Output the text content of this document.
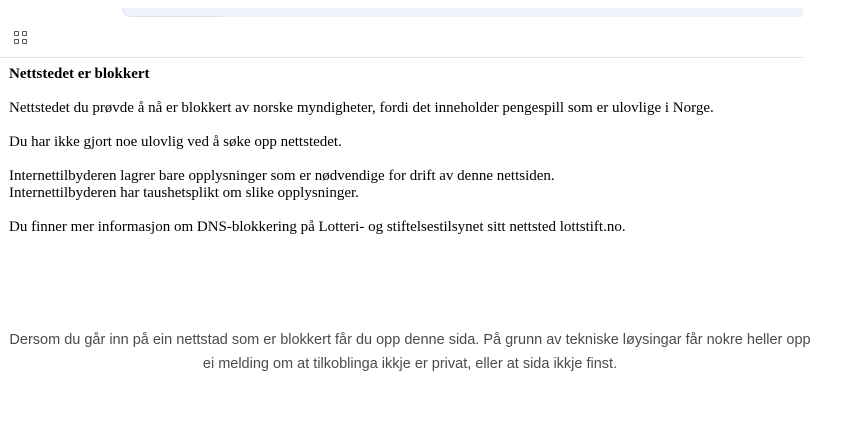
Nettstedet er blokkert

Nettstedet du prøvde å nå er blokkert av norske myndigheter, fordi det inneholder pengespill som er ulovlige i Norge.

Du har ikke gjort noe ulovlig ved å søke opp nettstedet.

Internettilbyderen lagrer bare opplysninger som er nødvendige for drift av denne nettsiden.
Internettilbyderen har taushetsplikt om slike opplysninger.

Du finner mer informasjon om DNS-blokkering på Lotteri- og stiftelsestilsynet sitt nettsted lottstift.no.

Dersom du går inn på ein nettstad som er blokkert får du opp denne sida. På grunn av tekniske løysingar får nokre heller opp
ei melding om at tilkoblinga ikkje er privat, eller at sida ikkje finst.
